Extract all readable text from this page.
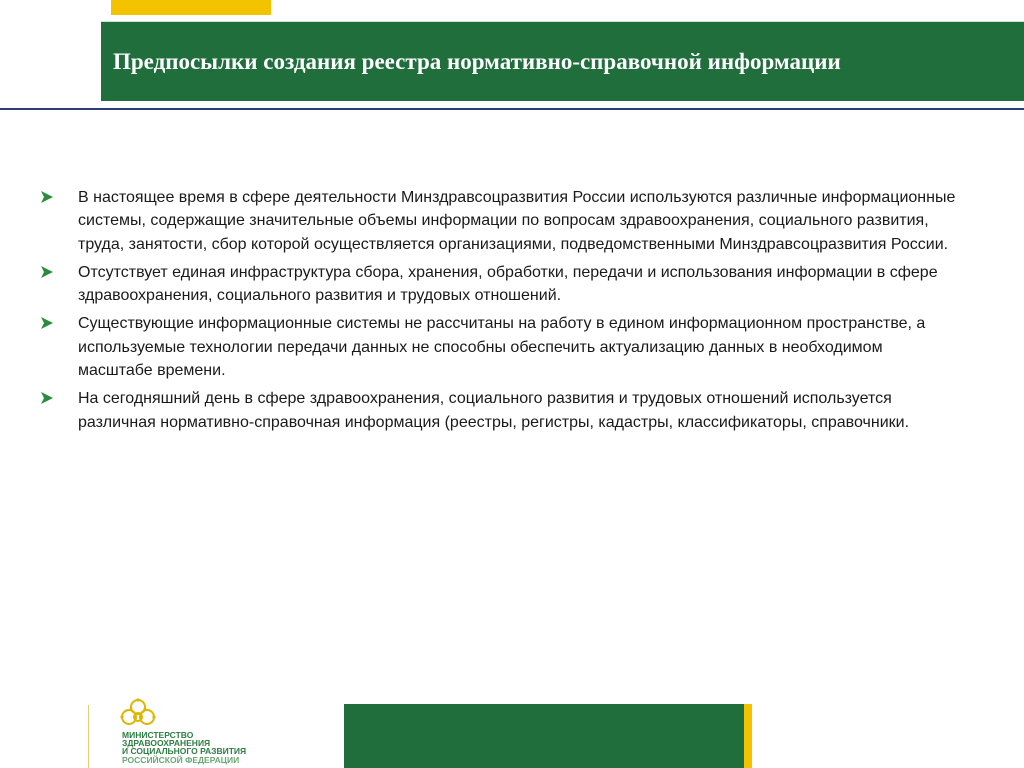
Предпосылки создания реестра нормативно-справочной информации
В настоящее время в сфере деятельности Минздравсоцразвития России используются различные информационные системы, содержащие значительные объемы информации по вопросам здравоохранения, социального развития, труда, занятости, сбор которой осуществляется организациями, подведомственными Минздравсоцразвития России.
Отсутствует единая инфраструктура сбора, хранения, обработки, передачи и использования информации в сфере здравоохранения, социального развития и трудовых отношений.
Существующие информационные системы не рассчитаны на работу в едином информационном пространстве, а используемые технологии передачи данных не способны обеспечить актуализацию данных в необходимом масштабе времени.
На сегодняшний день в сфере здравоохранения, социального развития и трудовых отношений используется различная нормативно-справочная информация (реестры, регистры, кадастры, классификаторы, справочники.
МИНИСТЕРСТВО
ЗДРАВООХРАНЕНИЯ
И СОЦИАЛЬНОГО РАЗВИТИЯ
РОССИЙСКОЙ ФЕДЕРАЦИИ
